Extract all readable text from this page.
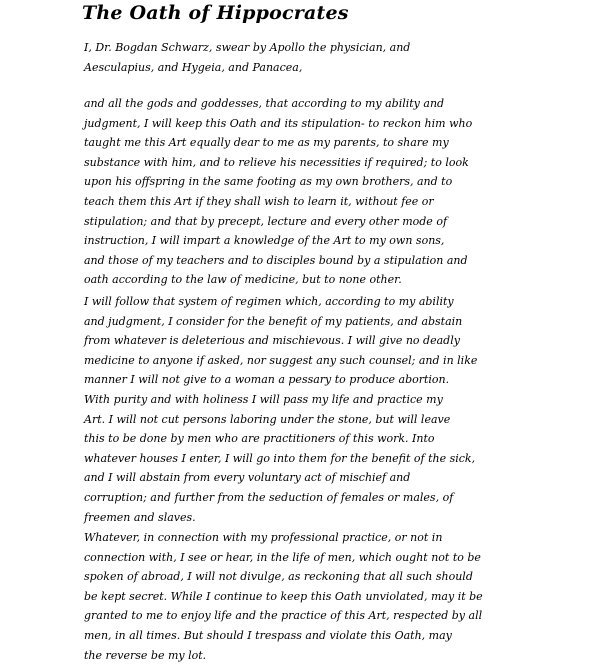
The Oath of Hippocrates

I, Dr. Bogdan Schwarz, swear by Apollo the physician, and
Aesculapius, and Hygeia, and Panacea,

and all the gods and goddesses, that according to my ability and
judgment, I will keep this Oath and its stipulation- to reckon him who
taught me this Art equally dear to me as my parents, to share my
substance with him, and to relieve his necessities if required; to look
upon his offspring in the same footing as my own brothers, and to
teach them this Art if they shall wish to learn it, without fee or
stipulation; and that by precept, lecture and every other mode of
instruction, I will impart a knowledge of the Art to my own sons,
and those of my teachers and to disciples bound by a stipulation and
oath according to the law of medicine, but to none other.

I will follow that system of regimen which, according to my ability
and judgment, I consider for the benefit of my patients, and abstain
from whatever is deleterious and mischievous. I will give no deadly
medicine to anyone if asked, nor suggest any such counsel; and in like
manner I will not give to a woman a pessary to produce abortion.
With purity and with holiness I will pass my life and practice my
Art. I will not cut persons laboring under the stone, but will leave
this to be done by men who are practitioners of this work. Into
whatever houses I enter, I will go into them for the benefit of the sick,
and I will abstain from every voluntary act of mischief and
corruption; and further from the seduction of females or males, of
freemen and slaves.

Whatever, in connection with my professional practice, or not in
connection with, I see or hear, in the life of men, which ought not to be
spoken of abroad, I will not divulge, as reckoning that all such should
be kept secret. While I continue to keep this Oath unviolated, may it be
granted to me to enjoy life and the practice of this Art, respected by all
men, in all times. But should I trespass and violate this Oath, may
the reverse be my lot.
